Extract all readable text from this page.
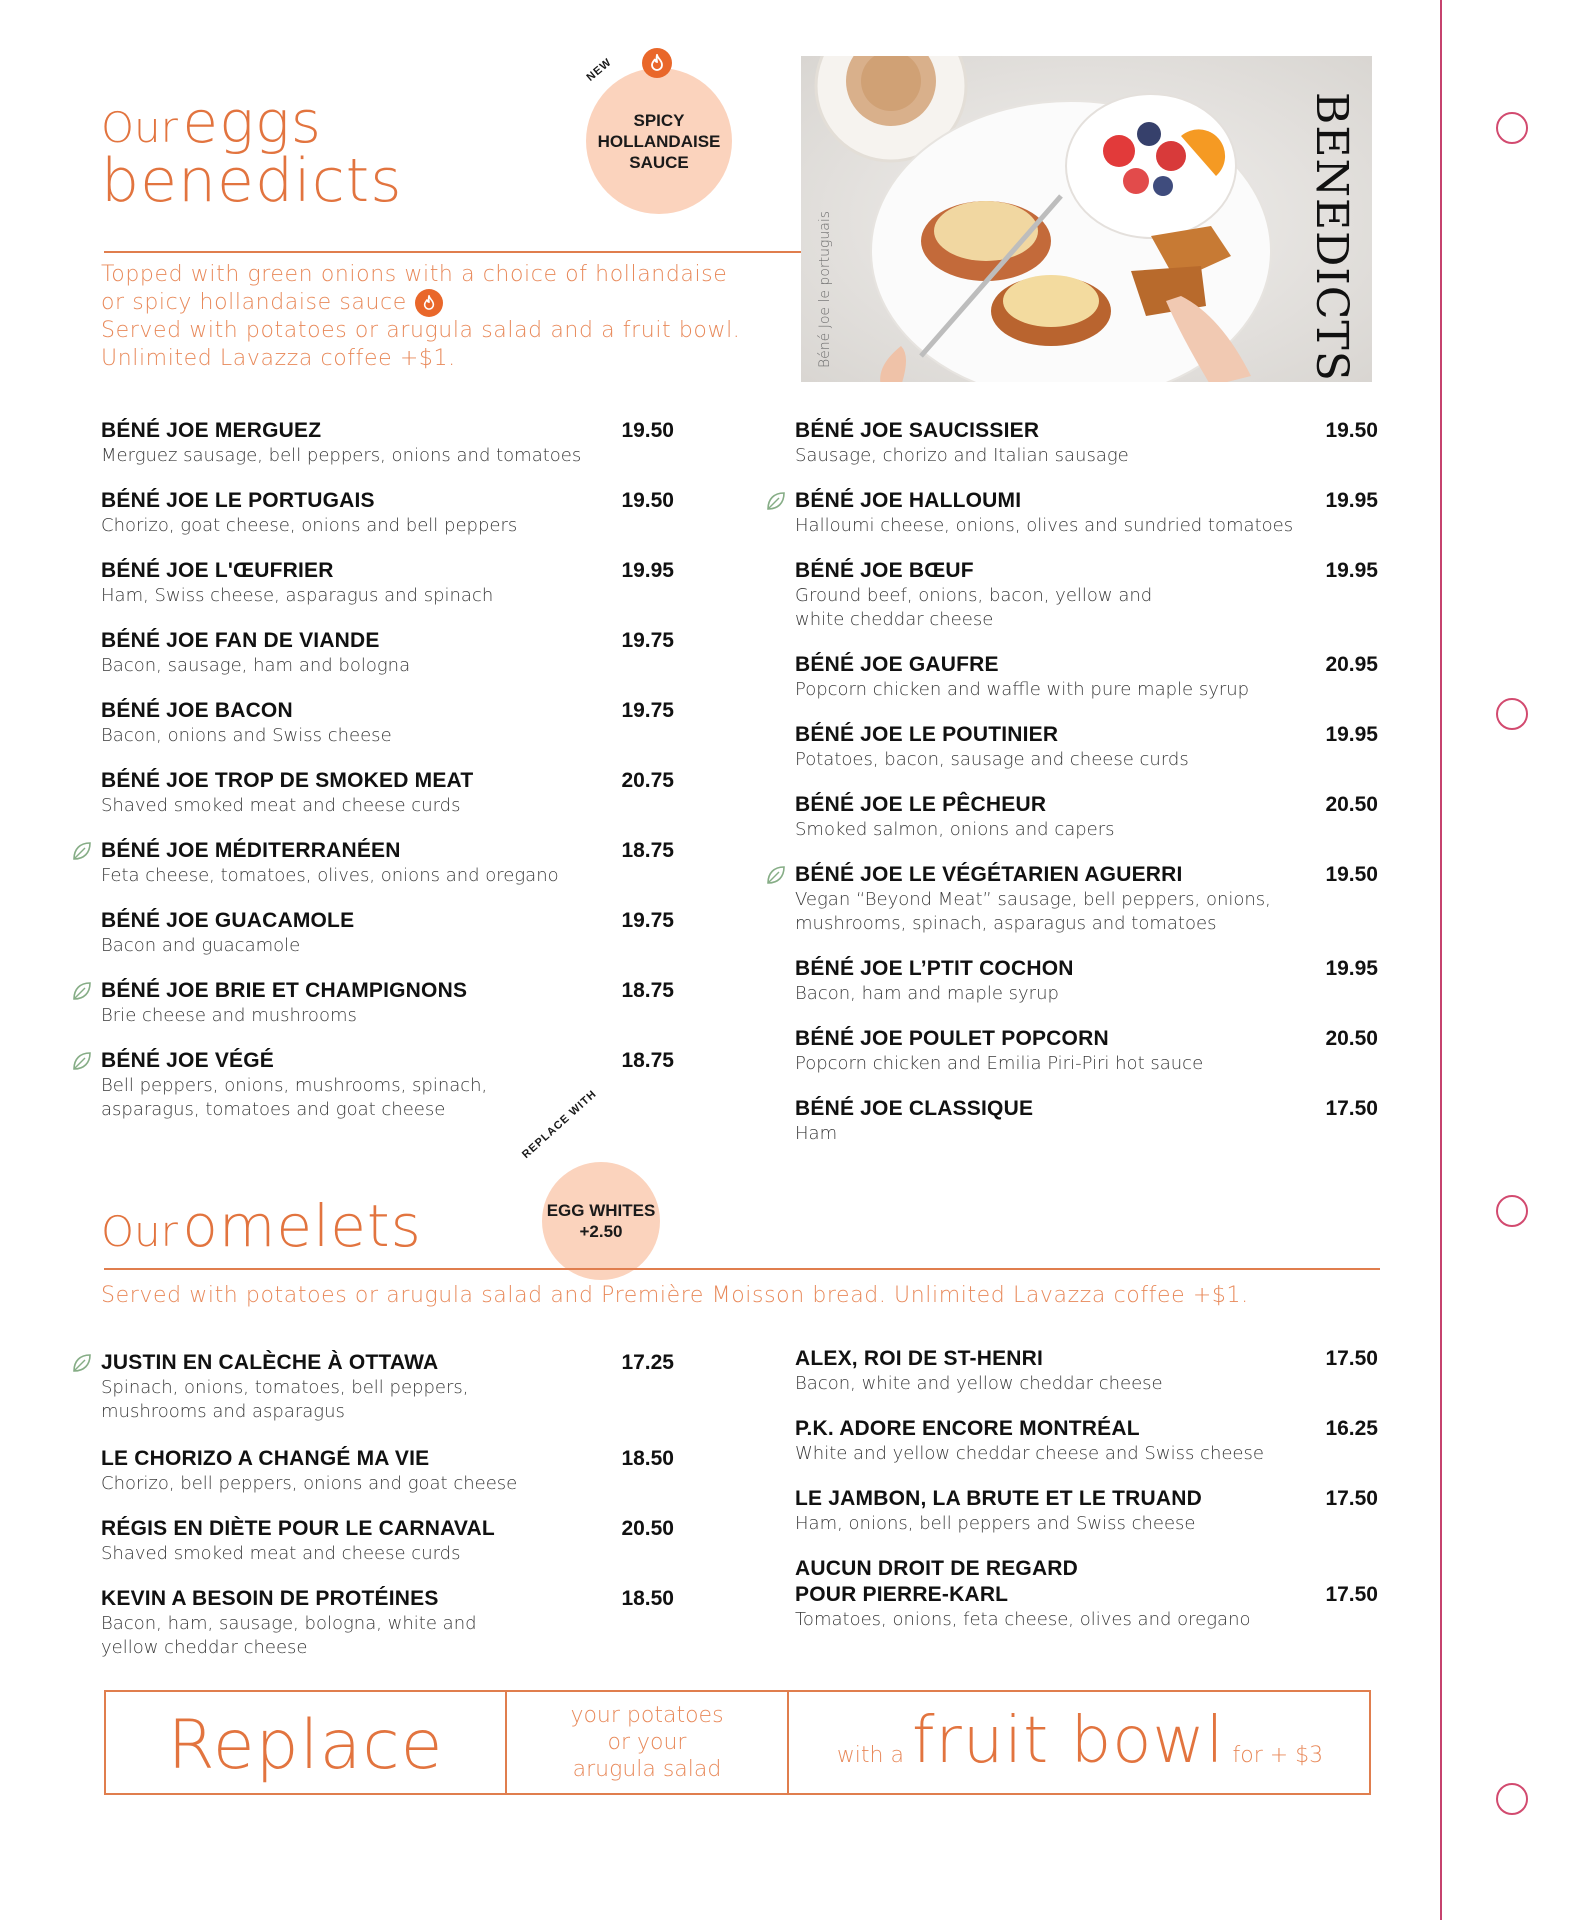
Our eggs
benedicts
SPICY HOLLANDAISE SAUCE
NEW
Topped with green onions with a choice of hollandaise
or spicy hollandaise sauce
Served with potatoes or arugula salad and a fruit bowl.
Unlimited Lavazza coffee +$1.	Béné Joe le portuguais	BENEDICTS
BÉNÉ JOE MERGUEZ	19.50
Merguez sausage, bell peppers, onions and tomatoes
BÉNÉ JOE LE PORTUGAIS	19.50
Chorizo, goat cheese, onions and bell peppers
BÉNÉ JOE L'ŒUFRIER	19.95
Ham, Swiss cheese, asparagus and spinach
BÉNÉ JOE FAN DE VIANDE	19.75
Bacon, sausage, ham and bologna
BÉNÉ JOE BACON	19.75
Bacon, onions and Swiss cheese
BÉNÉ JOE TROP DE SMOKED MEAT	20.75
Shaved smoked meat and cheese curds
BÉNÉ JOE MÉDITERRANÉEN	18.75
Feta cheese, tomatoes, olives, onions and oregano
BÉNÉ JOE GUACAMOLE	19.75
Bacon and guacamole
BÉNÉ JOE BRIE ET CHAMPIGNONS	18.75
Brie cheese and mushrooms
BÉNÉ JOE VÉGÉ	18.75
Bell peppers, onions, mushrooms, spinach,
asparagus, tomatoes and goat cheese
BÉNÉ JOE SAUCISSIER	19.50
Sausage, chorizo and Italian sausage
BÉNÉ JOE HALLOUMI	19.95
Halloumi cheese, onions, olives and sundried tomatoes
BÉNÉ JOE BŒUF	19.95
Ground beef, onions, bacon, yellow and
white cheddar cheese
BÉNÉ JOE GAUFRE	20.95
Popcorn chicken and waffle with pure maple syrup
BÉNÉ JOE LE POUTINIER	19.95
Potatoes, bacon, sausage and cheese curds
BÉNÉ JOE LE PÊCHEUR	20.50
Smoked salmon, onions and capers
BÉNÉ JOE LE VÉGÉTARIEN AGUERRI	19.50
Vegan “Beyond Meat” sausage, bell peppers, onions,
mushrooms, spinach, asparagus and tomatoes
BÉNÉ JOE L’PTIT COCHON	19.95
Bacon, ham and maple syrup
BÉNÉ JOE POULET POPCORN	20.50
Popcorn chicken and Emilia Piri-Piri hot sauce
BÉNÉ JOE CLASSIQUE	17.50
Ham
Our omelets	EGG WHITES +2.50
REPLACE WITH
Served with potatoes or arugula salad and Première Moisson bread. Unlimited Lavazza coffee +$1.
JUSTIN EN CALÈCHE À OTTAWA	17.25
Spinach, onions, tomatoes, bell peppers,
mushrooms and asparagus
LE CHORIZO A CHANGÉ MA VIE	18.50
Chorizo, bell peppers, onions and goat cheese
RÉGIS EN DIÈTE POUR LE CARNAVAL	20.50
Shaved smoked meat and cheese curds
KEVIN A BESOIN DE PROTÉINES	18.50
Bacon, ham, sausage, bologna, white and
yellow cheddar cheese
ALEX, ROI DE ST-HENRI	17.50
Bacon, white and yellow cheddar cheese
P.K. ADORE ENCORE MONTRÉAL	16.25
White and yellow cheddar cheese and Swiss cheese
LE JAMBON, LA BRUTE ET LE TRUAND	17.50
Ham, onions, bell peppers and Swiss cheese
AUCUN DROIT DE REGARD
POUR PIERRE-KARL	17.50
Tomatoes, onions, feta cheese, olives and oregano
Replace	your potatoes
or your
arugula salad
with a fruit bowl for + $3
